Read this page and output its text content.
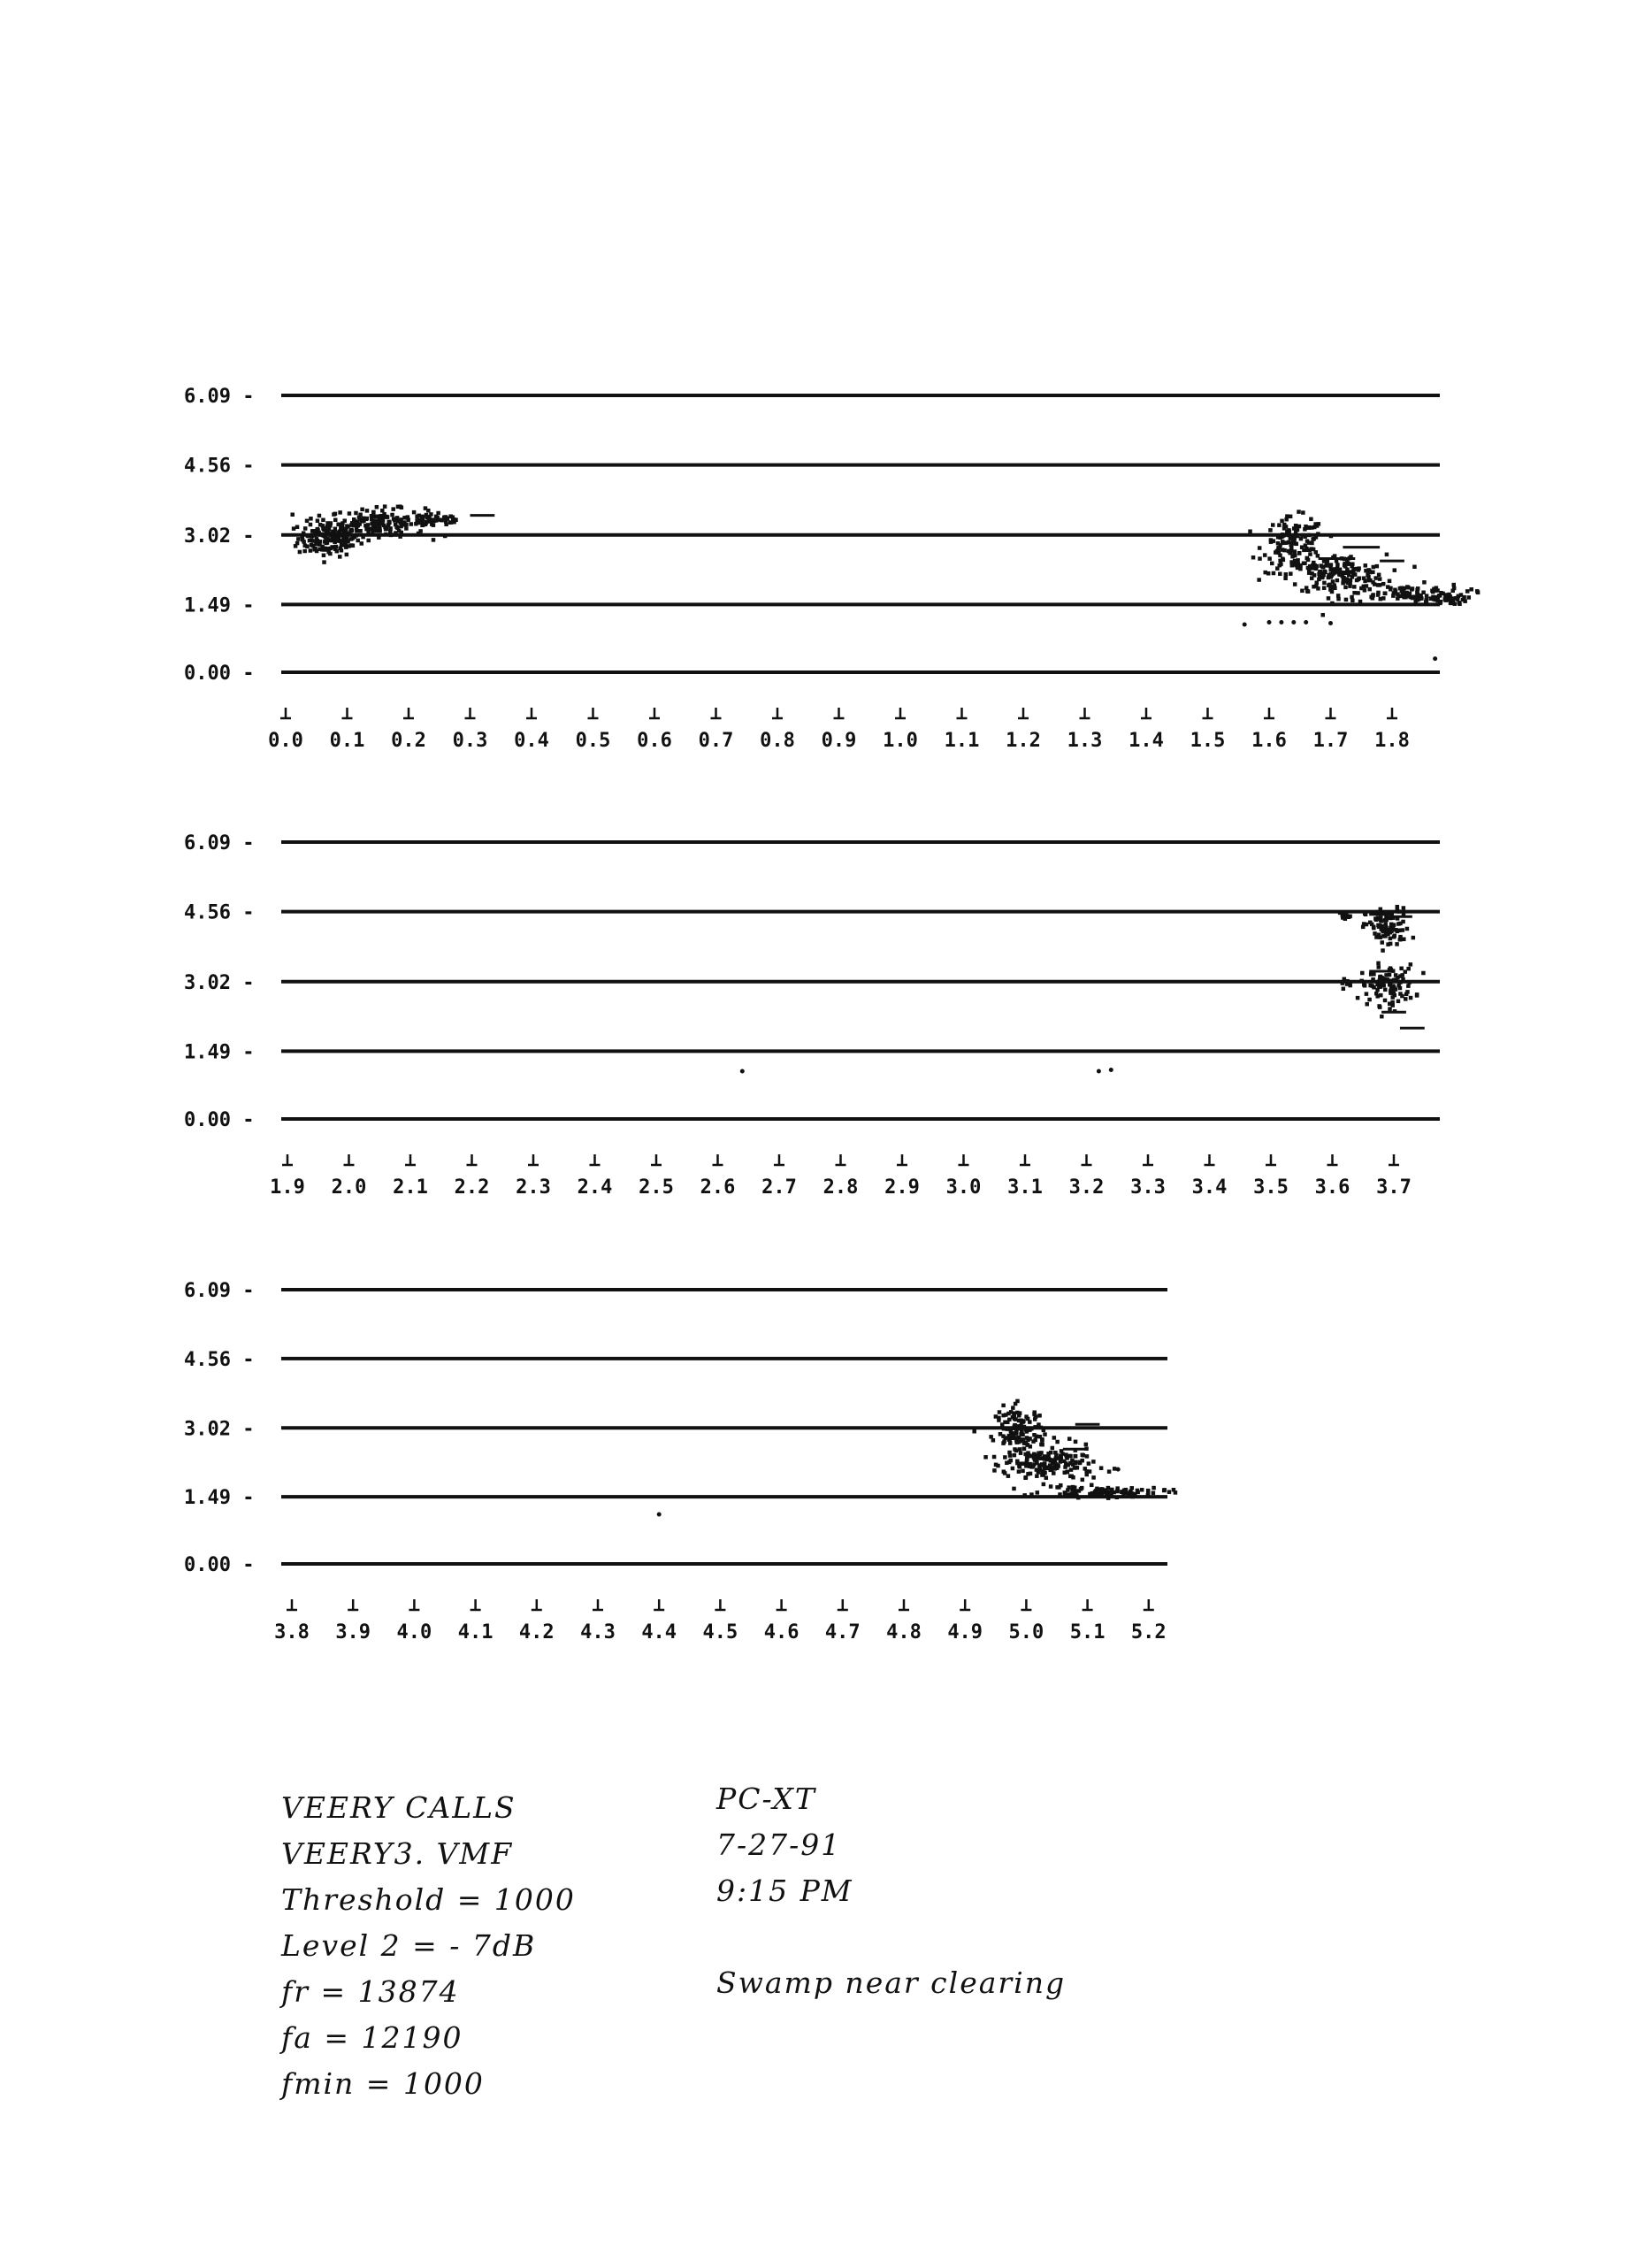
6.09 -
4.56 -
3.02 -
1.49 -
0.00 -
0.0 0.1 0.2 0.3 0.4 0.5 0.6 0.7 0.8 0.9 1.0 1.1 1.2 1.3 1.4 1.5 1.6 1.7 1.8
6.09 -
4.56 -
3.02 -
1.49 -
0.00 -
1.9 2.0 2.1 2.2 2.3 2.4 2.5 2.6 2.7 2.8 2.9 3.0 3.1 3.2 3.3 3.4 3.5 3.6 3.7
6.09 -
4.56 -
3.02 -
1.49 -
0.00 -
3.8 3.9 4.0 4.1 4.2 4.3 4.4 4.5 4.6 4.7 4.8 4.9 5.0 5.1 5.2
VEERY CALLS
VEERY3. VMF
Threshold = 1000
Level 2 = - 7dB
fr = 13874
fa = 12190
fmin = 1000
PC-XT
7-27-91
9:15 PM
Swamp near clearing
